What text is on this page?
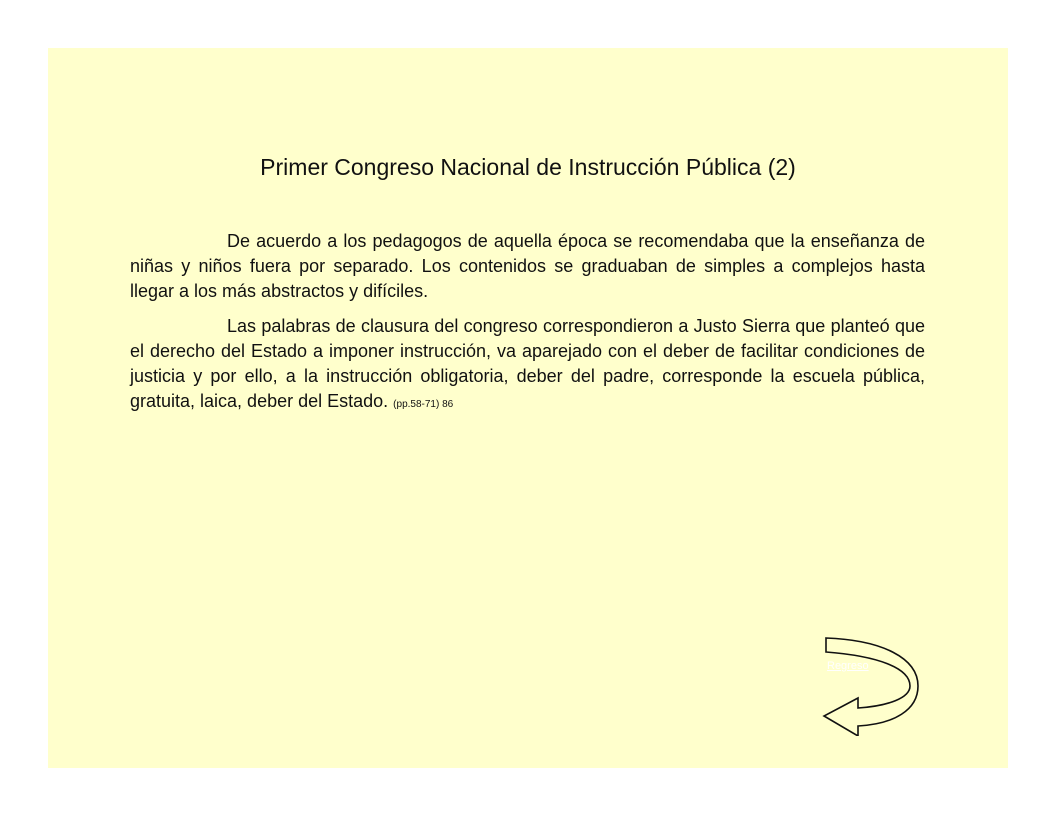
Primer Congreso Nacional de Instrucción Pública (2)

De acuerdo a los pedagogos de aquella época se recomendaba que la enseñanza de niñas y niños fuera por separado. Los contenidos se graduaban de simples a complejos hasta llegar a los más abstractos y difíciles.

Las palabras de clausura del congreso correspondieron a Justo Sierra que planteó que el derecho del Estado a imponer instrucción, va aparejado con el deber de facilitar condiciones de justicia y por ello, a la instrucción obligatoria, deber del padre, corresponde la escuela pública, gratuita, laica, deber del Estado. (pp.58-71) 86

Regreso
